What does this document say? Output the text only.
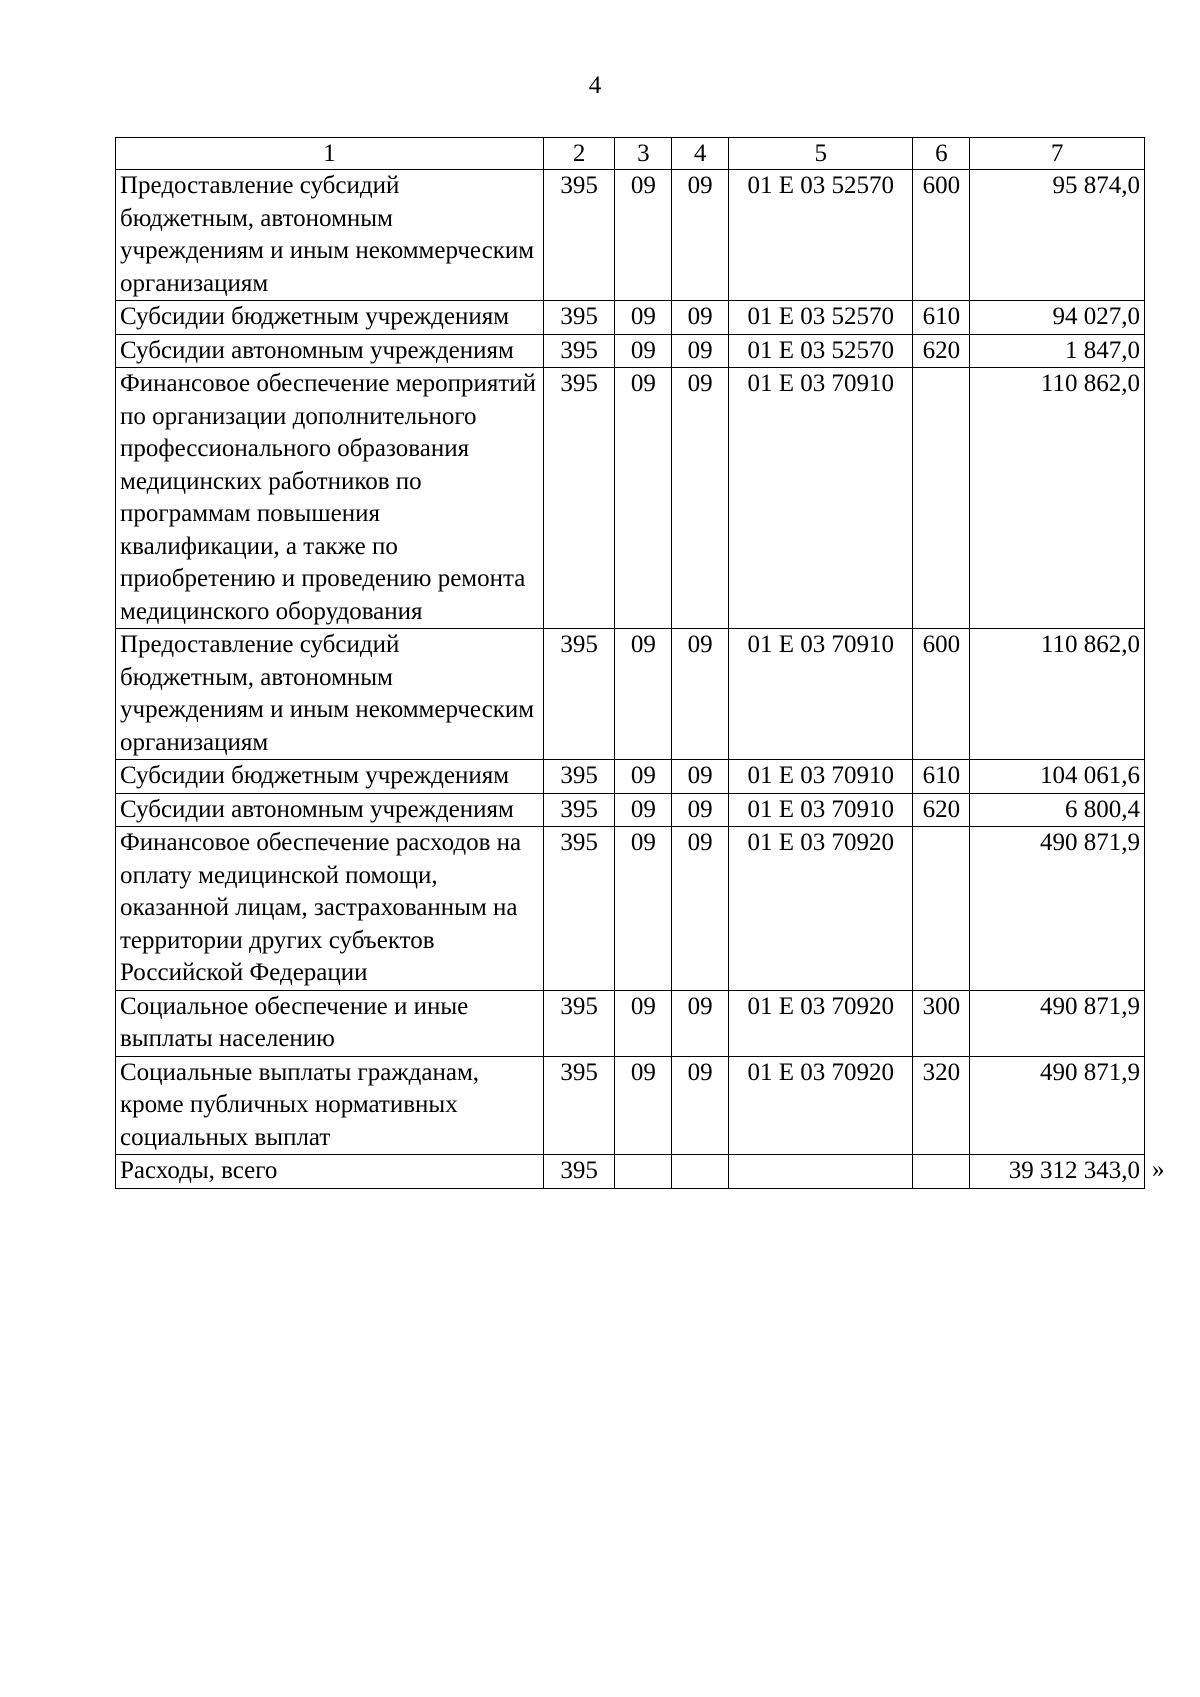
4
1	2	3	4	5	6	7
Предоставление субсидий бюджетным, автономным учреждениям и иным некоммерческим организациям	395	09	09	01 Е 03 52570	600	95 874,0
Субсидии бюджетным учреждениям	395	09	09	01 Е 03 52570	610	94 027,0
Субсидии автономным учреждениям	395	09	09	01 Е 03 52570	620	1 847,0
Финансовое обеспечение мероприятий по организации дополнительного профессионального образования медицинских работников по программам повышения квалификации, а также по приобретению и проведению ремонта медицинского оборудования	395	09	09	01 Е 03 70910		110 862,0
Предоставление субсидий бюджетным, автономным учреждениям и иным некоммерческим организациям	395	09	09	01 Е 03 70910	600	110 862,0
Субсидии бюджетным учреждениям	395	09	09	01 Е 03 70910	610	104 061,6
Субсидии автономным учреждениям	395	09	09	01 Е 03 70910	620	6 800,4
Финансовое обеспечение расходов на оплату медицинской помощи, оказанной лицам, застрахованным на территории других субъектов Российской Федерации	395	09	09	01 Е 03 70920		490 871,9
Социальное обеспечение и иные выплаты населению	395	09	09	01 Е 03 70920	300	490 871,9
Социальные выплаты гражданам, кроме публичных нормативных социальных выплат	395	09	09	01 Е 03 70920	320	490 871,9
Расходы, всего	395					39 312 343,0 »
